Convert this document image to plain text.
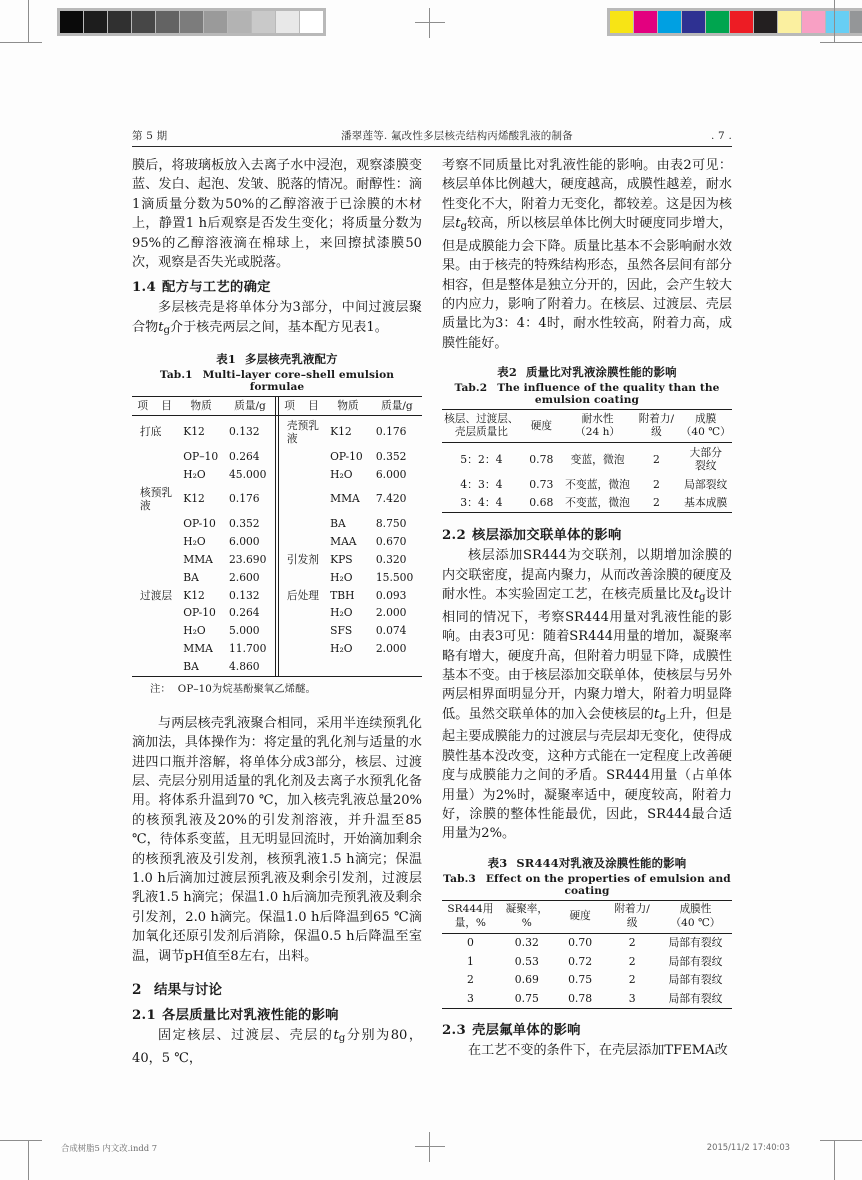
第 5 期	潘翠莲等. 氟改性多层核壳结构丙烯酸乳液的制备	. 7 .

膜后，将玻璃板放入去离子水中浸泡，观察漆膜变蓝、发白、起泡、发皱、脱落的情况。耐醇性：滴1滴质量分数为50%的乙醇溶液于已涂膜的木材上，静置1 h后观察是否发生变化；将质量分数为95%的乙醇溶液滴在棉球上，来回擦拭漆膜50次，观察是否失光或脱落。

1.4 配方与工艺的确定

多层核壳是将单体分为3部分，中间过渡层聚合物$t_g$介于核壳两层之间，基本配方见表1。

表1 多层核壳乳液配方
Tab.1 Multi–layer core–shell emulsion formulae
项 目	物质	质量/g		项 目	物质	质量/g
打底	K12	0.132		壳预乳液	K12	0.176
	OP–10	0.264			OP-10	0.352
	H₂O	45.000			H₂O	6.000
核预乳液	K12	0.176			MMA	7.420
	OP-10	0.352			BA	8.750
	H₂O	6.000			MAA	0.670
	MMA	23.690		引发剂	KPS	0.320
	BA	2.600			H₂O	15.500
过渡层	K12	0.132		后处理	TBH	0.093
	OP-10	0.264			H₂O	2.000
	H₂O	5.000			SFS	0.074
	MMA	11.700			H₂O	2.000
	BA	4.860				
注： OP–10为烷基酚聚氧乙烯醚。

与两层核壳乳液聚合相同，采用半连续预乳化滴加法，具体操作为：将定量的乳化剂与适量的水进四口瓶并溶解，将单体分成3部分，核层、过渡层、壳层分别用适量的乳化剂及去离子水预乳化备用。将体系升温到70 ℃，加入核壳乳液总量20%的核预乳液及20%的引发剂溶液，并升温至85 ℃，待体系变蓝，且无明显回流时，开始滴加剩余的核预乳液及引发剂，核预乳液1.5 h滴完；保温1.0 h后滴加过渡层预乳液及剩余引发剂，过渡层乳液1.5 h滴完；保温1.0 h后滴加壳预乳液及剩余引发剂，2.0 h滴完。保温1.0 h后降温到65 ℃滴加氧化还原引发剂后消除，保温0.5 h后降温至室温，调节pH值至8左右，出料。

2 结果与讨论
2.1 各层质量比对乳液性能的影响

固定核层、过渡层、壳层的$t_g$分别为80，40，5 ℃，

考察不同质量比对乳液性能的影响。由表2可见：核层单体比例越大，硬度越高，成膜性越差，耐水性变化不大，附着力无变化，都较差。这是因为核层$t_g$较高，所以核层单体比例大时硬度同步增大，但是成膜能力会下降。质量比基本不会影响耐水效果。由于核壳的特殊结构形态，虽然各层间有部分相容，但是整体是独立分开的，因此，会产生较大的内应力，影响了附着力。在核层、过渡层、壳层质量比为3：4：4时，耐水性较高，附着力高，成膜性能好。

表2 质量比对乳液涂膜性能的影响
Tab.2 The influence of the quality than the emulsion coating
核层、过渡层、
壳层质量比

硬度

耐水性
（24 h）

附着力/
级

成膜
（40 ℃）

5：2：4	0.78	变蓝，微泡	2	大部分
裂纹

4：3：4	0.73	不变蓝，微泡	2	局部裂纹
3：4：4	0.68	不变蓝，微泡	2	基本成膜
2.2 核层添加交联单体的影响

核层添加SR444为交联剂，以期增加涂膜的内交联密度，提高内聚力，从而改善涂膜的硬度及耐水性。本实验固定工艺，在核壳质量比及$t_g$设计相同的情况下，考察SR444用量对乳液性能的影响。由表3可见：随着SR444用量的增加，凝聚率略有增大，硬度升高，但附着力明显下降，成膜性基本不变。由于核层添加交联单体，使核层与另外两层相界面明显分开，内聚力增大，附着力明显降低。虽然交联单体的加入会使核层的$t_g$上升，但是起主要成膜能力的过渡层与壳层却无变化，使得成膜性基本没改变，这种方式能在一定程度上改善硬度与成膜能力之间的矛盾。SR444用量（占单体用量）为2%时，凝聚率适中，硬度较高，附着力好，涂膜的整体性能最优，因此，SR444最合适用量为2%。

表3 SR444对乳液及涂膜性能的影响
Tab.3 Effect on the properties of emulsion and coating
SR444用
量，%

凝聚率，
%

硬度

附着力/
级

成膜性
（40 ℃）

0	0.32	0.70	2	局部有裂纹
1	0.53	0.72	2	局部有裂纹
2	0.69	0.75	2	局部有裂纹
3	0.75	0.78	3	局部有裂纹
2.3 壳层氟单体的影响

在工艺不变的条件下，在壳层添加TFEMA改

合成树脂5 内文改.indd 7	2015/11/2 17:40:03
